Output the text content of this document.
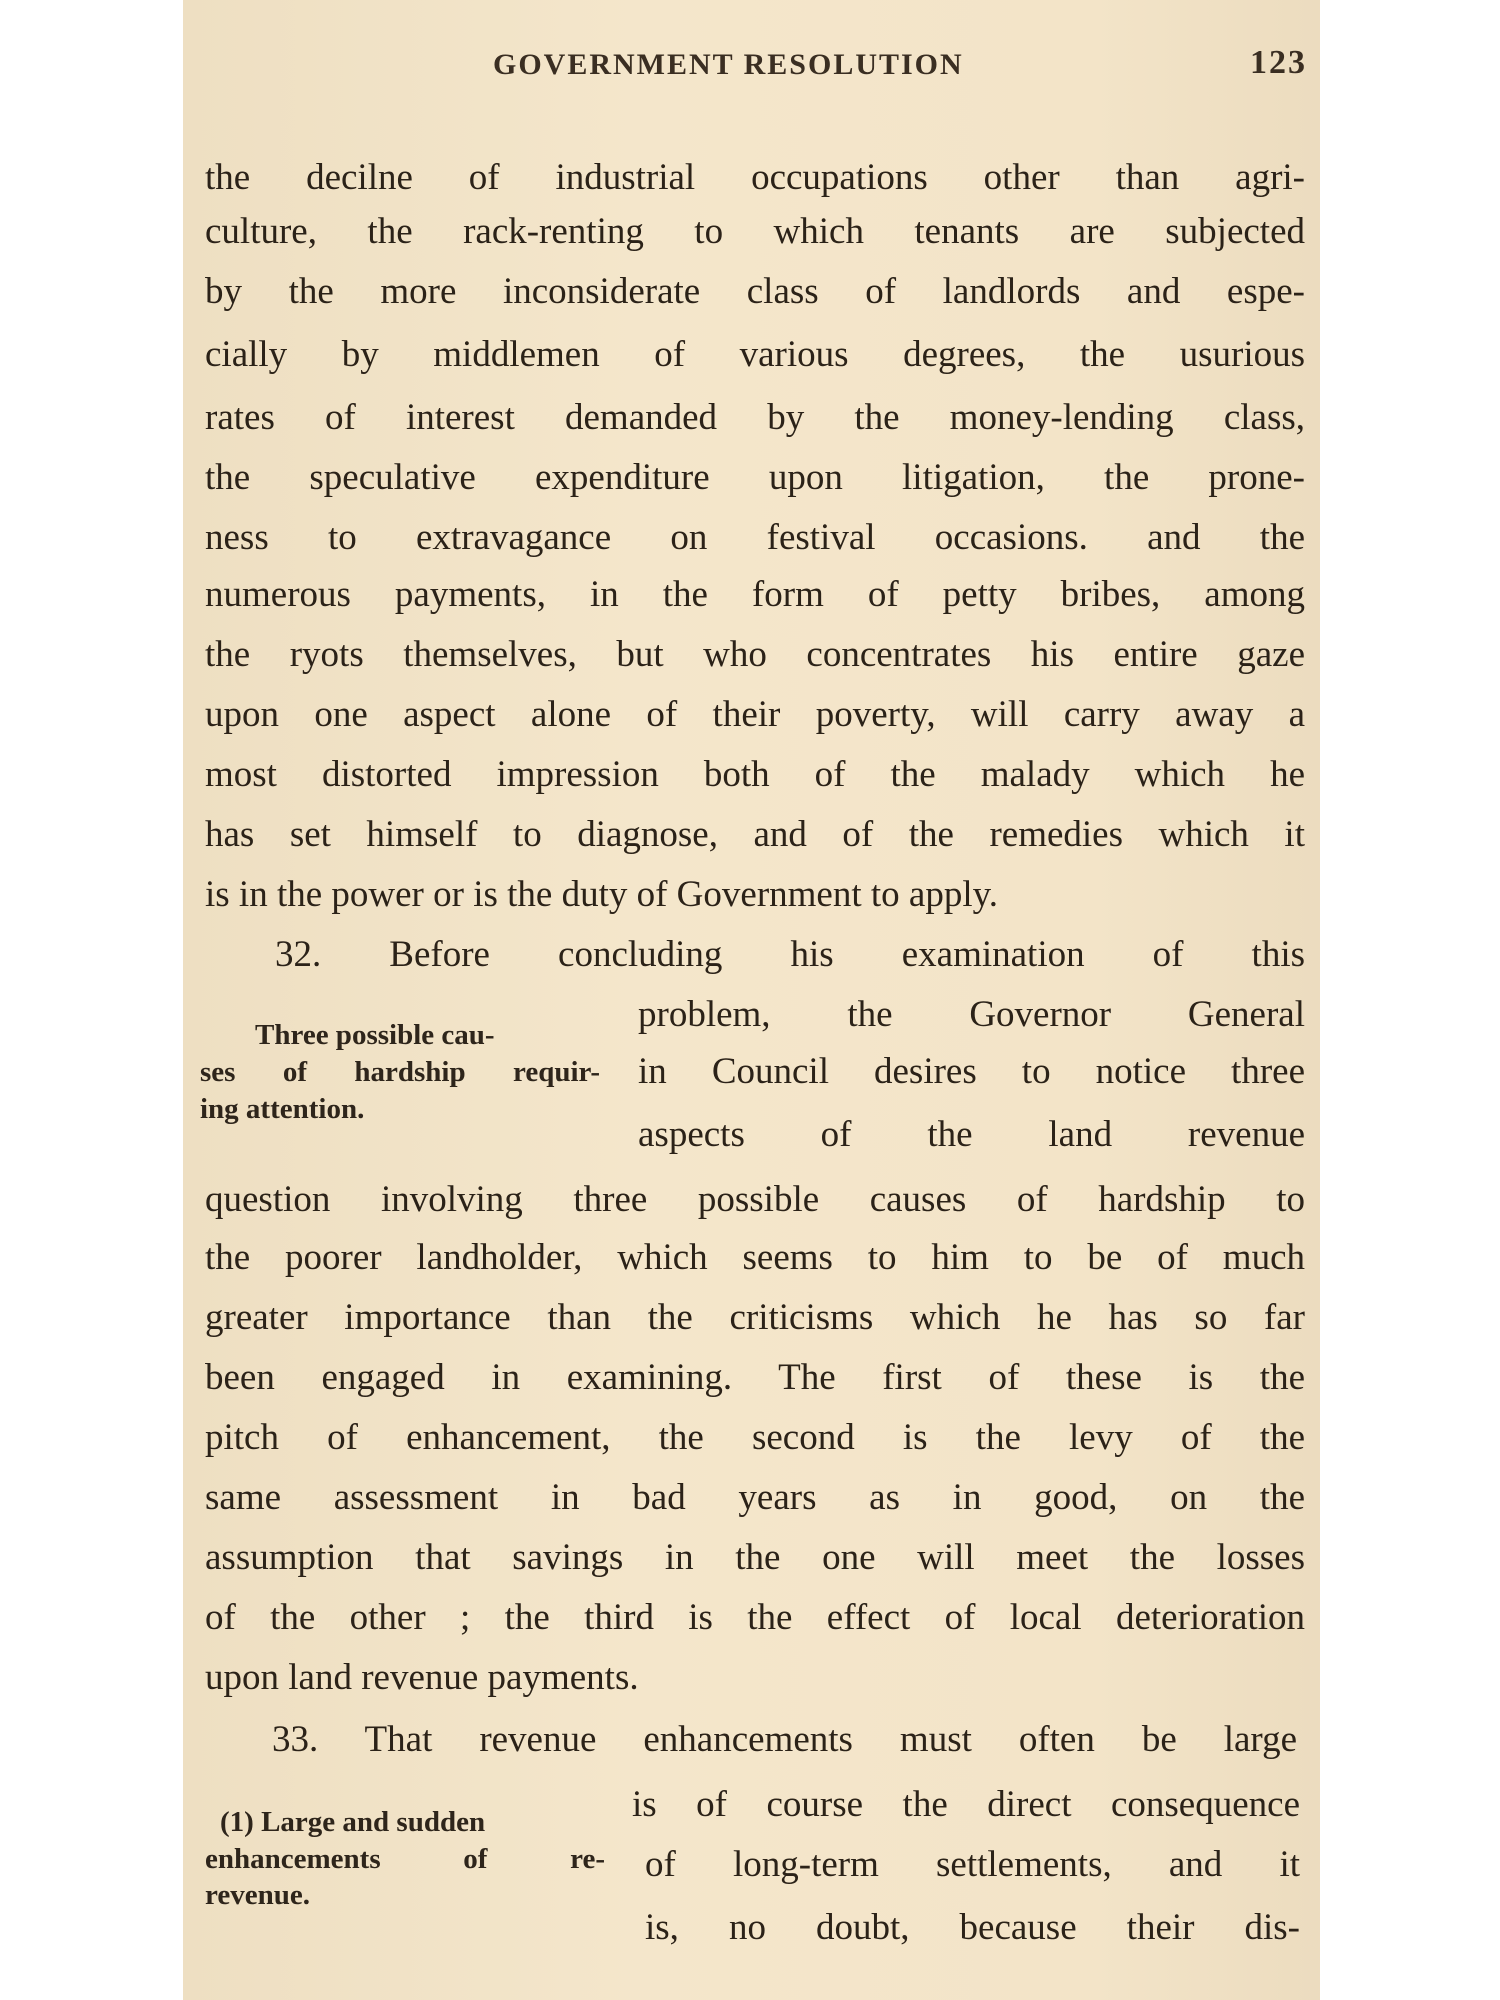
GOVERNMENT RESOLUTION	123
the decilne of industrial occupations other than agri-
culture, the rack-renting to which tenants are subjected
by the more inconsiderate class of landlords and espe-
cially by middlemen of various degrees, the usurious
rates of interest demanded by the money-lending class,
the speculative expenditure upon litigation, the prone-
ness to extravagance on festival occasions. and the
numerous payments, in the form of petty bribes, among
the ryots themselves, but who concentrates his entire gaze
upon one aspect alone of their poverty, will carry away a
most distorted impression both of the malady which he
has set himself to diagnose, and of the remedies which it
is in the power or is the duty of Government to apply.
32. Before concluding his examination of this
problem, the Governor General
in Council desires to notice three
aspects of the land revenue
Three possible cau-
ses of hardship requir-
ing attention.
question involving three possible causes of hardship to
the poorer landholder, which seems to him to be of much
greater importance than the criticisms which he has so far
been engaged in examining. The first of these is the
pitch of enhancement, the second is the levy of the
same assessment in bad years as in good, on the
assumption that savings in the one will meet the losses
of the other ; the third is the effect of local deterioration
upon land revenue payments.
33. That revenue enhancements must often be large
is of course the direct consequence
of long-term settlements, and it
is, no doubt, because their dis-
(1) Large and sudden
enhancements of re-
revenue.
